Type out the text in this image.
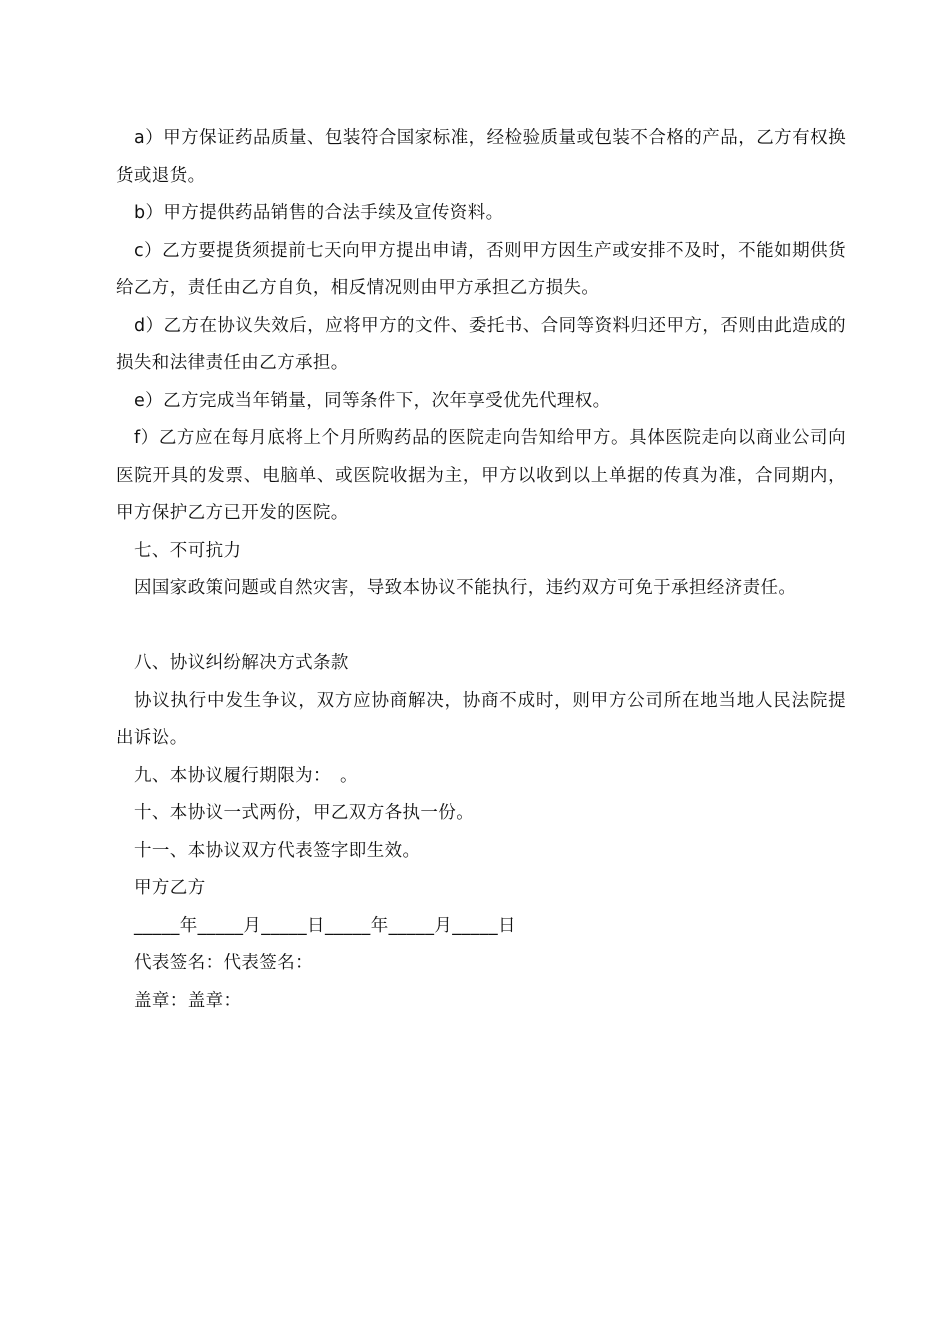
a）甲方保证药品质量、包装符合国家标准，经检验质量或包装不合格的产品，乙方有权换货或退货。

b）甲方提供药品销售的合法手续及宣传资料。

c）乙方要提货须提前七天向甲方提出申请，否则甲方因生产或安排不及时，不能如期供货给乙方，责任由乙方自负，相反情况则由甲方承担乙方损失。

d）乙方在协议失效后，应将甲方的文件、委托书、合同等资料归还甲方，否则由此造成的损失和法律责任由乙方承担。

e）乙方完成当年销量，同等条件下，次年享受优先代理权。

f）乙方应在每月底将上个月所购药品的医院走向告知给甲方。具体医院走向以商业公司向医院开具的发票、电脑单、或医院收据为主，甲方以收到以上单据的传真为准，合同期内，甲方保护乙方已开发的医院。

七、不可抗力

因国家政策问题或自然灾害，导致本协议不能执行，违约双方可免于承担经济责任。

八、协议纠纷解决方式条款

协议执行中发生争议，双方应协商解决，协商不成时，则甲方公司所在地当地人民法院提出诉讼。

九、本协议履行期限为：　。

十、本协议一式两份，甲乙双方各执一份。

十一、本协议双方代表签字即生效。

甲方乙方

_____年_____月_____日_____年_____月_____日

代表签名：代表签名：

盖章：盖章：
